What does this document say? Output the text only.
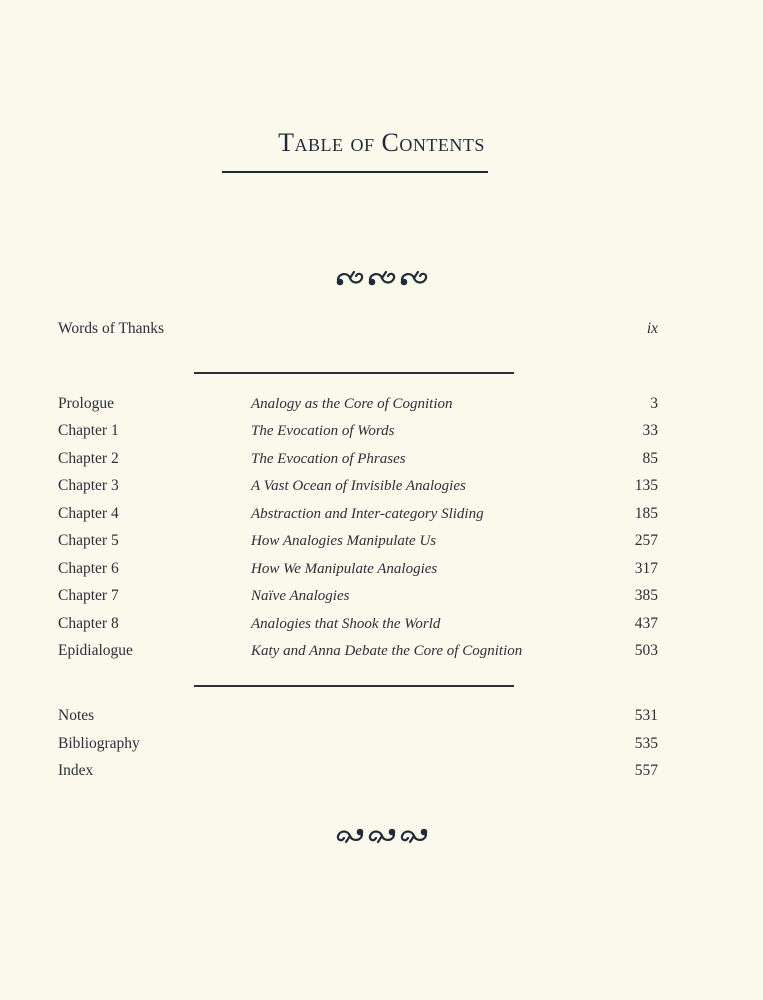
Table of Contents
Words of Thanks	ix
Prologue	Analogy as the Core of Cognition	3
Chapter 1	The Evocation of Words	33
Chapter 2	The Evocation of Phrases	85
Chapter 3	A Vast Ocean of Invisible Analogies	135
Chapter 4	Abstraction and Inter-category Sliding	185
Chapter 5	How Analogies Manipulate Us	257
Chapter 6	How We Manipulate Analogies	317
Chapter 7	Naïve Analogies	385
Chapter 8	Analogies that Shook the World	437
Epidialogue	Katy and Anna Debate the Core of Cognition	503
Notes	531
Bibliography	535
Index	557
